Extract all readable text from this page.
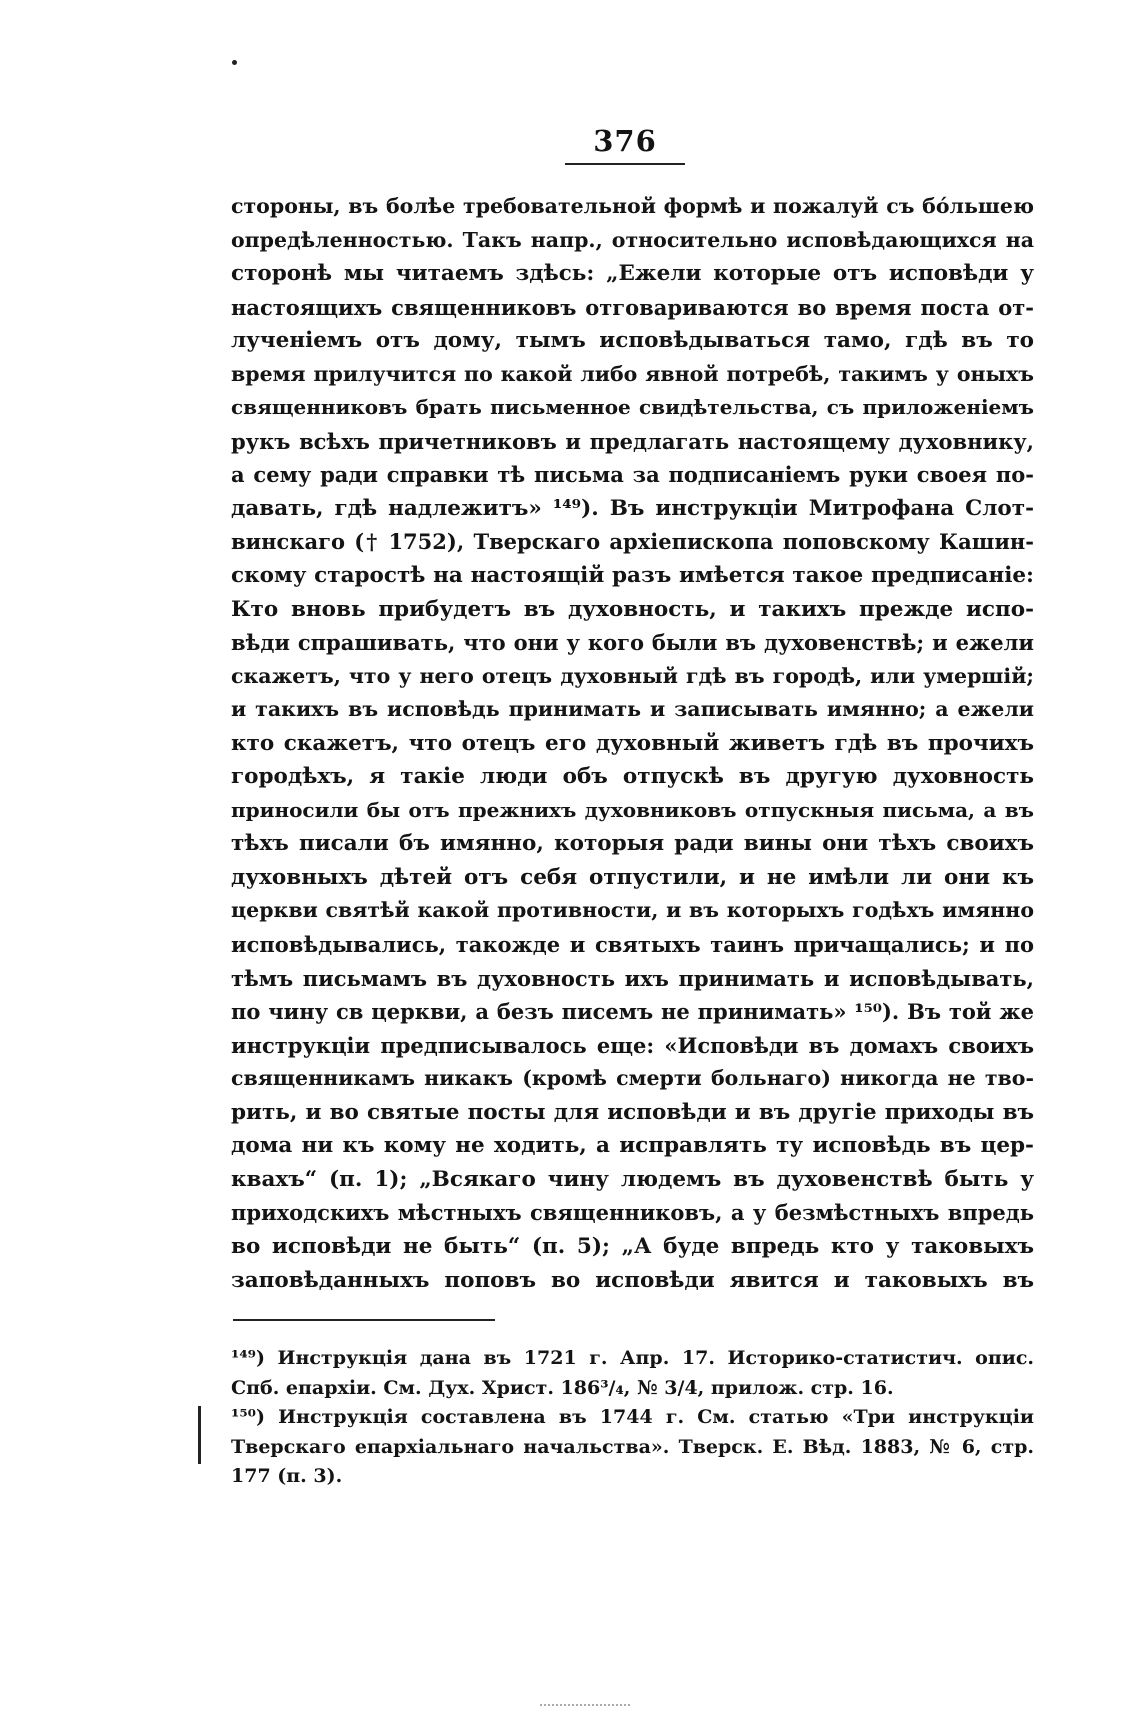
376
стороны, въ болѣе требовательной формѣ и пожалуй съ бо́льшею
опредѣленностью. Такъ напр., относительно исповѣдающихся на
сторонѣ мы читаемъ здѣсь: „Ежели которые отъ исповѣди у
настоящихъ священниковъ отговариваются во время поста от-
лученіемъ отъ дому, тымъ исповѣдываться тамо, гдѣ въ то
время прилучится по какой либо явной потребѣ, такимъ у оныхъ
священниковъ брать письменное свидѣтельства, съ приложеніемъ
рукъ всѣхъ причетниковъ и предлагать настоящему духовнику,
а сему ради справки тѣ письма за подписаніемъ руки своея по-
давать, гдѣ надлежитъ» ¹⁴⁹). Въ инструкціи Митрофана Слот-
винскаго († 1752), Тверскаго архіепископа поповскому Кашин-
скому старостѣ на настоящій разъ имѣется такое предписаніе:
Кто вновь прибудетъ въ духовность, и такихъ прежде испо-
вѣди спрашивать, что они у кого были въ духовенствѣ; и ежели
скажетъ, что у него отецъ духовный гдѣ въ городѣ, или умершій;
и такихъ въ исповѣдь принимать и записывать имянно; а ежели
кто скажетъ, что отецъ его духовный живетъ гдѣ въ прочихъ
городѣхъ, я такіе люди объ отпускѣ въ другую духовность
приносили бы отъ прежнихъ духовниковъ отпускныя письма, а въ
тѣхъ писали бъ имянно, которыя ради вины они тѣхъ своихъ
духовныхъ дѣтей отъ себя отпустили, и не имѣли ли они къ
церкви святѣй какой противности, и въ которыхъ годѣхъ имянно
исповѣдывались, такожде и святыхъ таинъ причащались; и по
тѣмъ письмамъ въ духовность ихъ принимать и исповѣдывать,
по чину св церкви, а безъ писемъ не принимать» ¹⁵⁰). Въ той же
инструкціи предписывалось еще: «Исповѣди въ домахъ своихъ
священникамъ никакъ (кромѣ смерти больнаго) никогда не тво-
рить, и во святые посты для исповѣди и въ другіе приходы въ
дома ни къ кому не ходить, а исправлять ту исповѣдь въ цер-
квахъ“ (п. 1); „Всякаго чину людемъ въ духовенствѣ быть у
приходскихъ мѣстныхъ священниковъ, а у безмѣстныхъ впредь
во исповѣди не быть“ (п. 5); „А буде впредь кто у таковыхъ
заповѣданныхъ поповъ во исповѣди явится и таковыхъ въ
¹⁴⁹) Инструкція дана въ 1721 г. Апр. 17. Историко-статистич. опис.
Спб. епархіи. См. Дух. Христ. 186³/₄, № 3/4, прилож. стр. 16.
¹⁵⁰) Инструкція составлена въ 1744 г. См. статью «Три инструкціи
Тверскаго епархіальнаго начальства». Тверск. Е. Вѣд. 1883, № 6, стр.
177 (п. 3).
